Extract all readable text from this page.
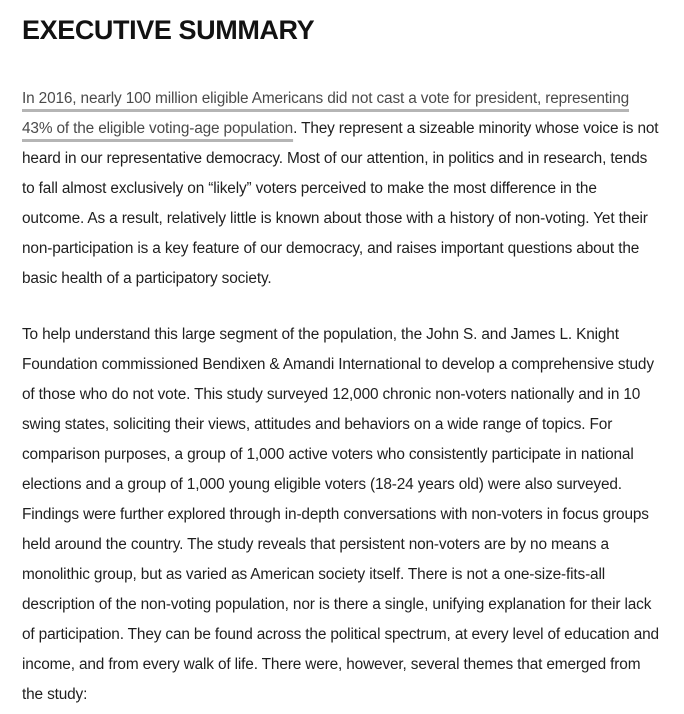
EXECUTIVE SUMMARY

In 2016, nearly 100 million eligible Americans did not cast a vote for president, representing 43% of the eligible voting-age population. They represent a sizeable minority whose voice is not heard in our representative democracy. Most of our attention, in politics and in research, tends to fall almost exclusively on “likely” voters perceived to make the most difference in the outcome. As a result, relatively little is known about those with a history of non-voting. Yet their non-participation is a key feature of our democracy, and raises important questions about the basic health of a participatory society.

To help understand this large segment of the population, the John S. and James L. Knight Foundation commissioned Bendixen & Amandi International to develop a comprehensive study of those who do not vote. This study surveyed 12,000 chronic non-voters nationally and in 10 swing states, soliciting their views, attitudes and behaviors on a wide range of topics. For comparison purposes, a group of 1,000 active voters who consistently participate in national elections and a group of 1,000 young eligible voters (18-24 years old) were also surveyed. Findings were further explored through in-depth conversations with non-voters in focus groups held around the country. The study reveals that persistent non-voters are by no means a monolithic group, but as varied as American society itself. There is not a one-size-fits-all description of the non-voting population, nor is there a single, unifying explanation for their lack of participation. They can be found across the political spectrum, at every level of education and income, and from every walk of life. There were, however, several themes that emerged from the study:
